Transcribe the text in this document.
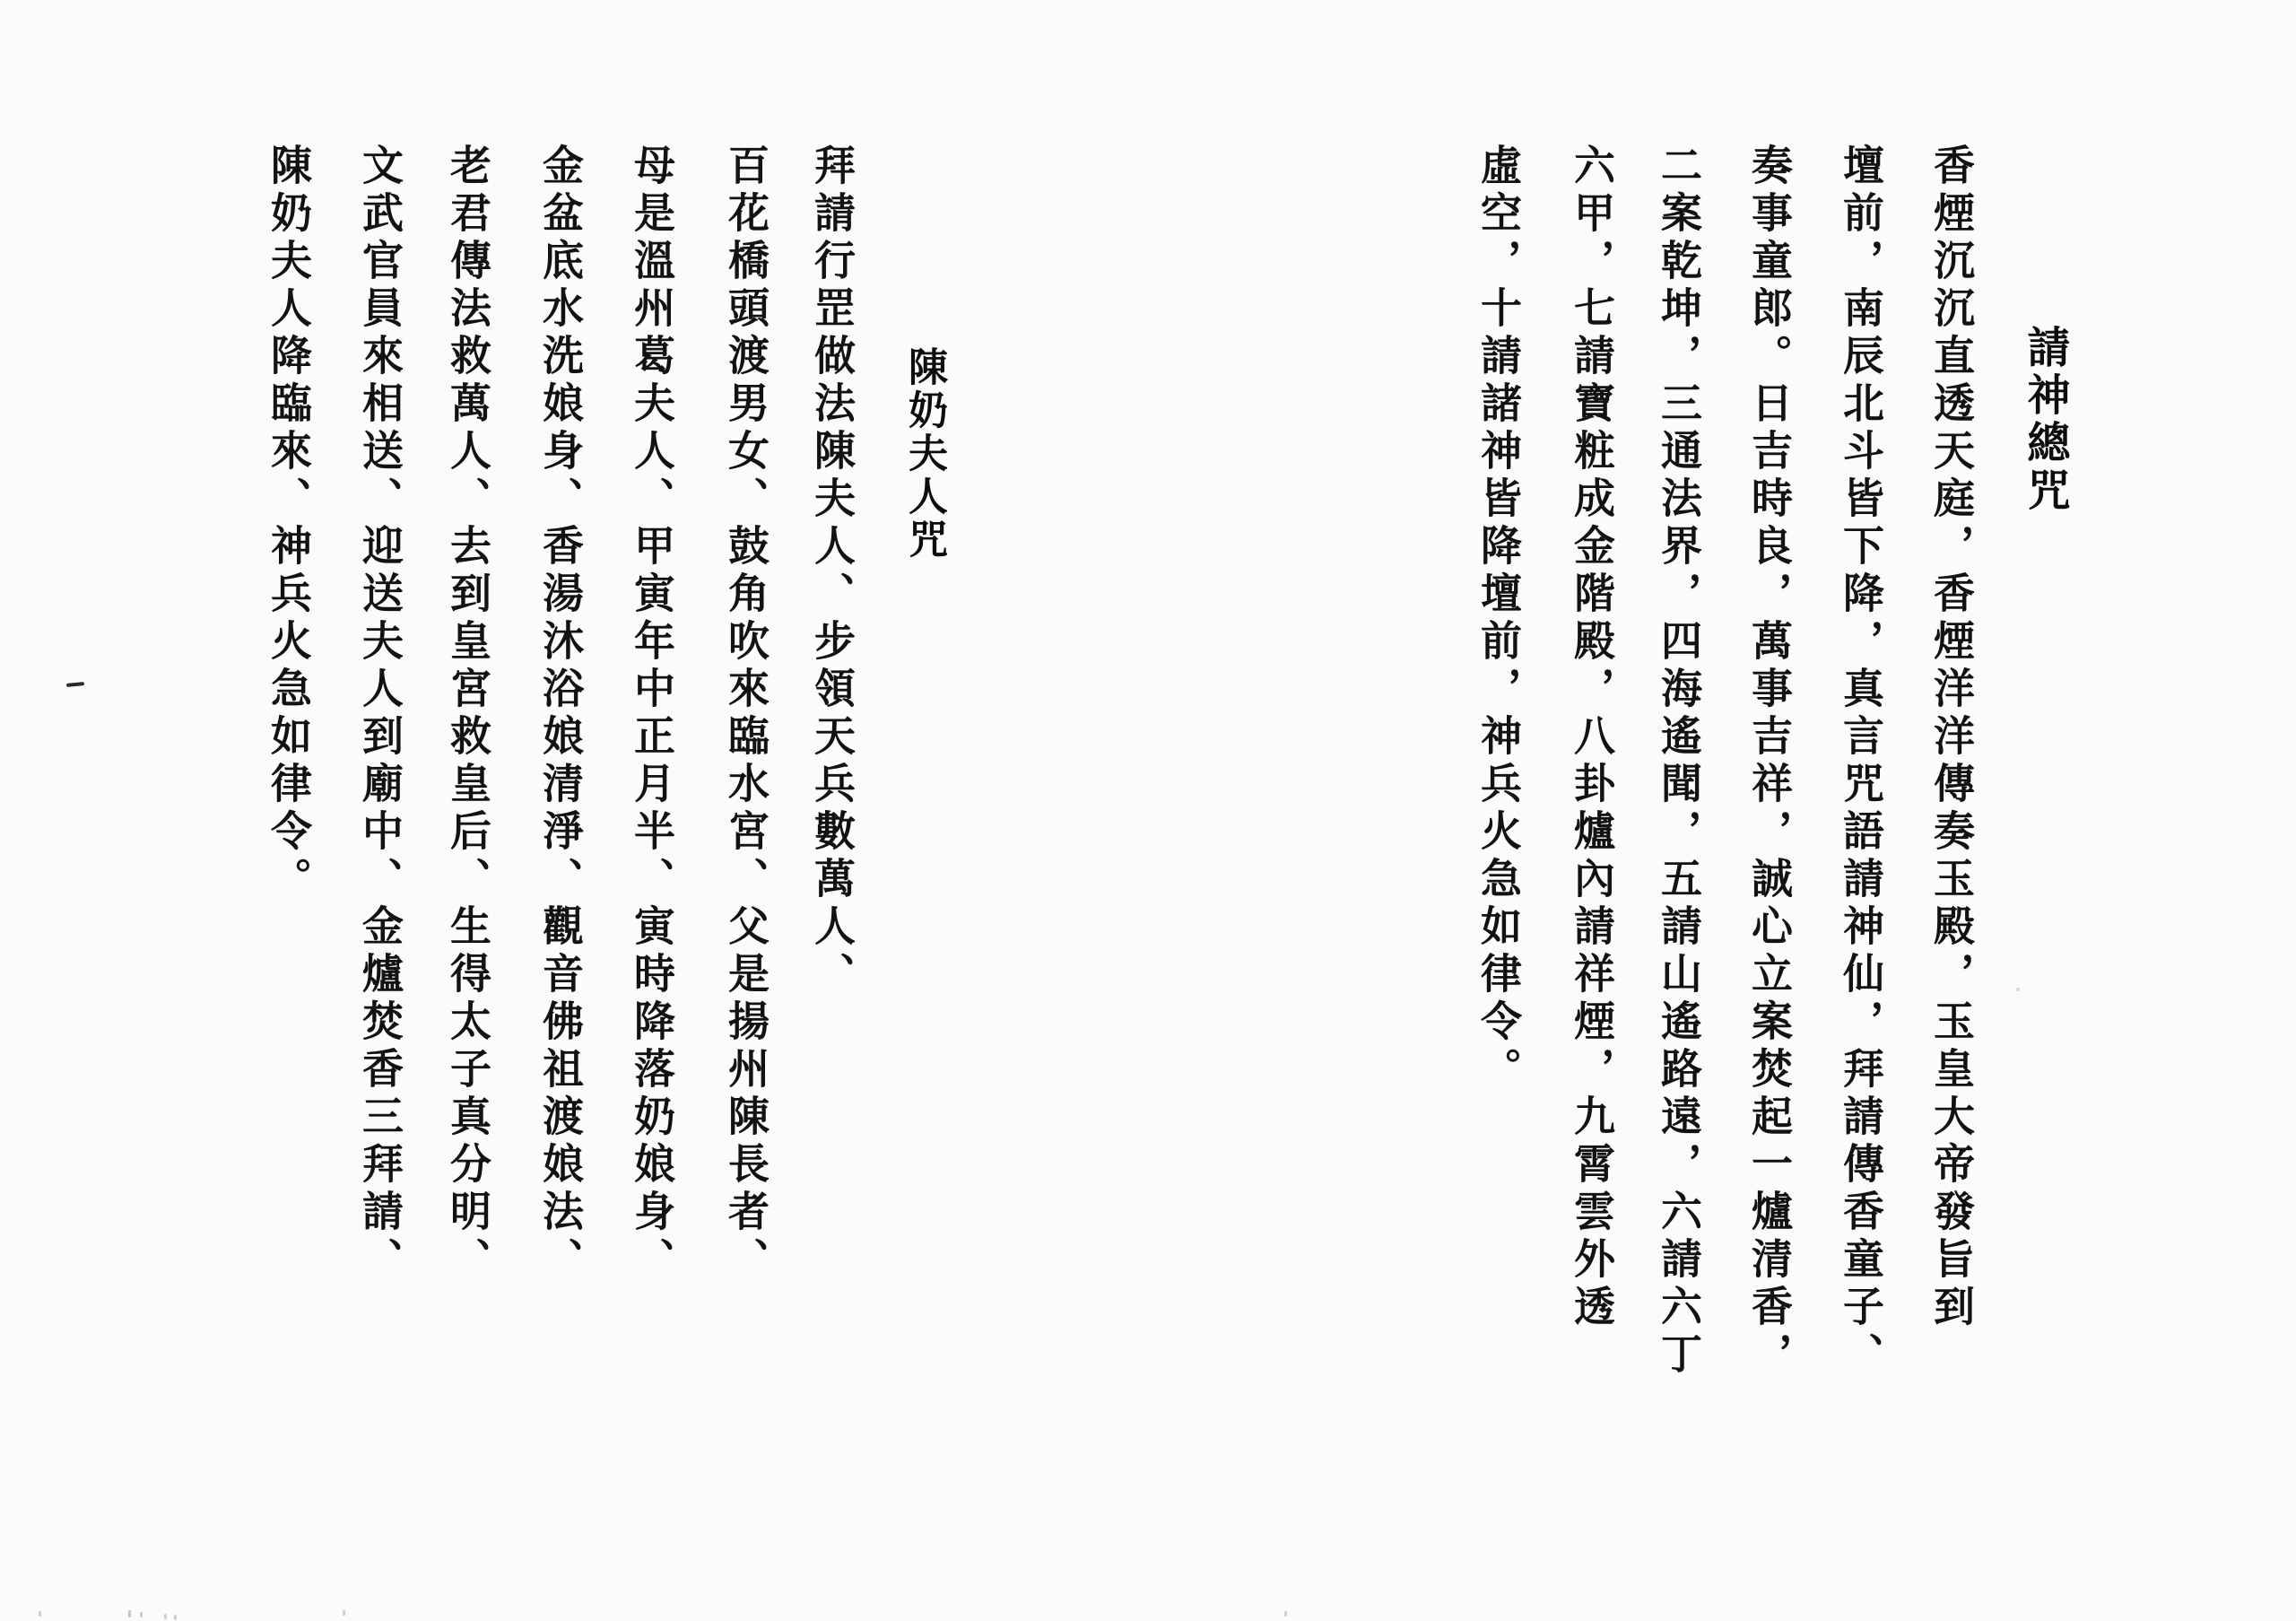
請神總咒
香煙沉沉直透天庭，香煙洋洋傳奏玉殿，玉皇大帝發旨到
壇前，南辰北斗皆下降，真言咒語請神仙，拜請傳香童子、
奏事童郎。日吉時良，萬事吉祥，誠心立案焚起一爐清香，
二案乾坤，三通法界，四海遙聞，五請山遙路遠，六請六丁
六甲，七請寶粧成金階殿，八卦爐內請祥煙，九霄雲外透
虛空，十請諸神皆降壇前，神兵火急如律令。
陳奶夫人咒
拜請行罡做法陳夫人、步領天兵數萬人、
百花橋頭渡男女、鼓角吹來臨水宮、父是揚州陳長者、
母是溫州葛夫人、甲寅年中正月半、寅時降落奶娘身、
金盆底水洗娘身、香湯沐浴娘清淨、觀音佛祖渡娘法、
老君傳法救萬人、去到皇宮救皇后、生得太子真分明、
文武官員來相送、迎送夫人到廟中、金爐焚香三拜請、
陳奶夫人降臨來、神兵火急如律令。
